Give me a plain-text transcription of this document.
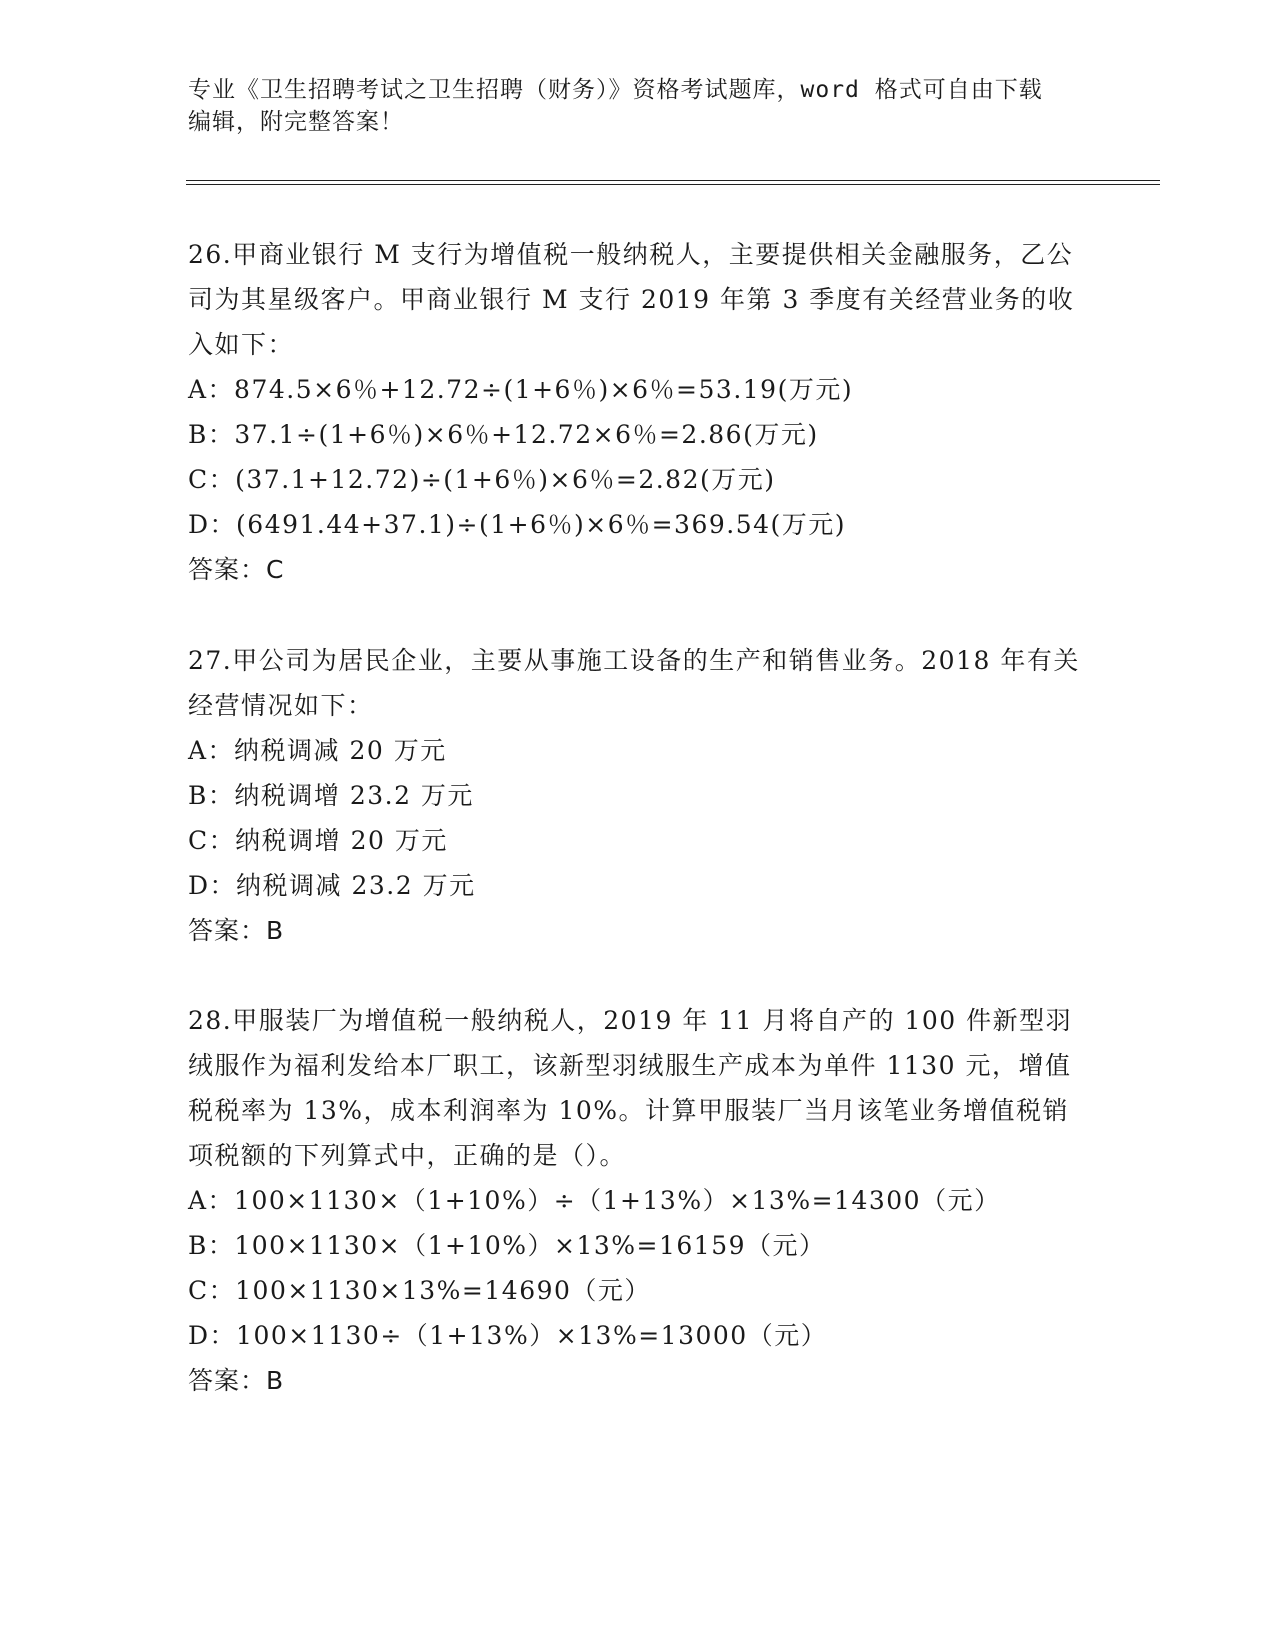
专业《卫生招聘考试之卫生招聘（财务）》资格考试题库，word 格式可自由下载
编辑，附完整答案！

26.甲商业银行 M 支行为增值税一般纳税人，主要提供相关金融服务，乙公司为其星级客户。甲商业银行 M 支行 2019 年第 3 季度有关经营业务的收入如下：

A：874.5×6％+12.72÷(1+6％)×6％=53.19(万元)

B：37.1÷(1+6％)×6％+12.72×6％=2.86(万元)

C：(37.1+12.72)÷(1+6％)×6％=2.82(万元)

D：(6491.44+37.1)÷(1+6％)×6％=369.54(万元)

答案：C

27.甲公司为居民企业，主要从事施工设备的生产和销售业务。2018 年有关经营情况如下：

A：纳税调减 20 万元

B：纳税调增 23.2 万元

C：纳税调增 20 万元

D：纳税调减 23.2 万元

答案：B

28.甲服装厂为增值税一般纳税人，2019 年 11 月将自产的 100 件新型羽绒服作为福利发给本厂职工，该新型羽绒服生产成本为单件 1130 元，增值税税率为 13%，成本利润率为 10%。计算甲服装厂当月该笔业务增值税销项税额的下列算式中，正确的是（）。

A：100×1130×（1+10%）÷（1+13%）×13%=14300（元）

B：100×1130×（1+10%）×13%=16159（元）

C：100×1130×13%=14690（元）

D：100×1130÷（1+13%）×13%=13000（元）

答案：B
